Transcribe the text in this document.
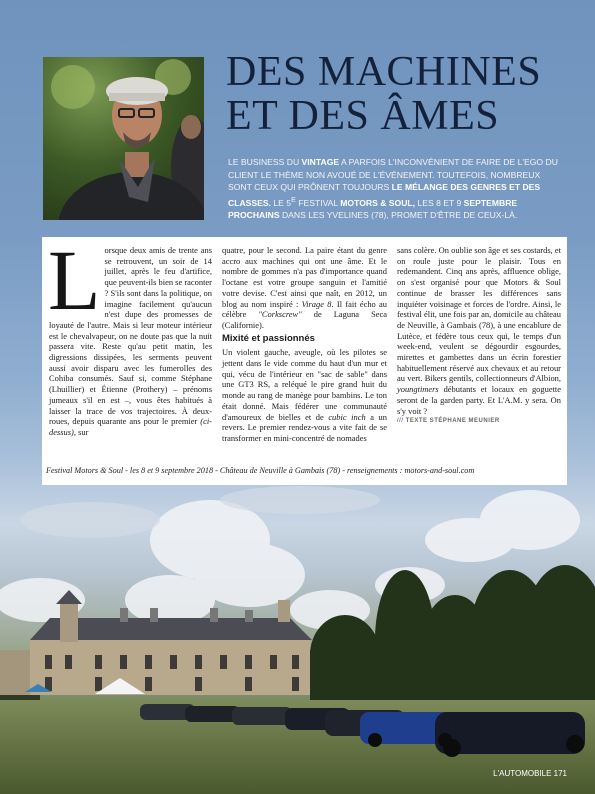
DES MACHINES
ET DES ÂMES

LE BUSINESS DU VINTAGE A PARFOIS L'INCONVÉNIENT DE FAIRE DE L'EGO DU CLIENT LE THÈME NON AVOUÉ DE L'ÉVÉNEMENT. TOUTEFOIS, NOMBREUX SONT CEUX QUI PRÔNENT TOUJOURS LE MÉLANGE DES GENRES ET DES CLASSES. LE $5^E$ FESTIVAL MOTORS & SOUL, LES 8 ET 9 SEPTEMBRE PROCHAINS DANS LES YVELINES (78), PROMET D'ÊTRE DE CEUX-LÀ.

Lorsque deux amis de trente ans se retrouvent, un soir de 14 juillet, après le feu d'artifice, que peuvent-ils bien se raconter ? S'ils sont dans la politique, on imagine facilement qu'aucun n'est dupe des promesses de loyauté de l'autre. Mais si leur moteur intérieur est le chevalvapeur, on ne doute pas que la nuit passera vite. Reste qu'au petit matin, les digressions dissipées, les serments peuvent aussi avoir disparu avec les fumerolles des Cohiba consumés. Sauf si, comme Stéphane (Lhuillier) et Étienne (Prothery) – prénoms jumeaux s'il en est –, vous êtes habitués à laisser la trace de vos trajectoires. À deux-roues, depuis quarante ans pour le premier (ci-dessus), sur

quatre, pour le second. La paire étant du genre accro aux machines qui ont une âme. Et le nombre de gommes n'a pas d'importance quand l'octane est votre groupe sanguin et l'amitié votre devise. C'est ainsi que naît, en 2012, un blog au nom inspiré : Virage 8. Il fait écho au célèbre "Corkscrew" de Laguna Seca (Californie).

Mixité et passionnés

Un violent gauche, aveugle, où les pilotes se jettent dans le vide comme du haut d'un mur et qui, vécu de l'intérieur en "sac de sable" dans une GT3 RS, a reléqué le pire grand huit du monde au rang de manège pour bambins. Le ton était donné. Mais fédérer une communauté d'amoureux de bielles et de cubic inch a un revers. Le premier rendez-vous a vite fait de se transformer en mini-concentré de nomades

sans colère. On oublie son âge et ses costards, et on roule juste pour le plaisir. Tous en redemandent. Cinq ans après, affluence oblige, on s'est organisé pour que Motors & Soul continue de brasser les différences sans inquiéter voisinage et forces de l'ordre. Ainsi, le festival élit, une fois par an, domicile au château de Neuville, à Gambais (78), à une encablure de Lutèce, et fédère tous ceux qui, le temps d'un week-end, veulent se dégourdir esgourdes, mirettes et gambettes dans un écrin forestier habituellement réservé aux chevaux et au retour au vert. Bikers gentils, collectionneurs d'Albion, youngtimers débutants et locaux en goguette seront de la garden party. Et L'A.M. y sera. On s'y voit ?

/// TEXTE STÉPHANE MEUNIER

Festival Motors & Soul - les 8 et 9 septembre 2018 - Château de Neuville à Gambais (78) - renseignements : motors-and-soul.com
L'AUTOMOBILE 171
